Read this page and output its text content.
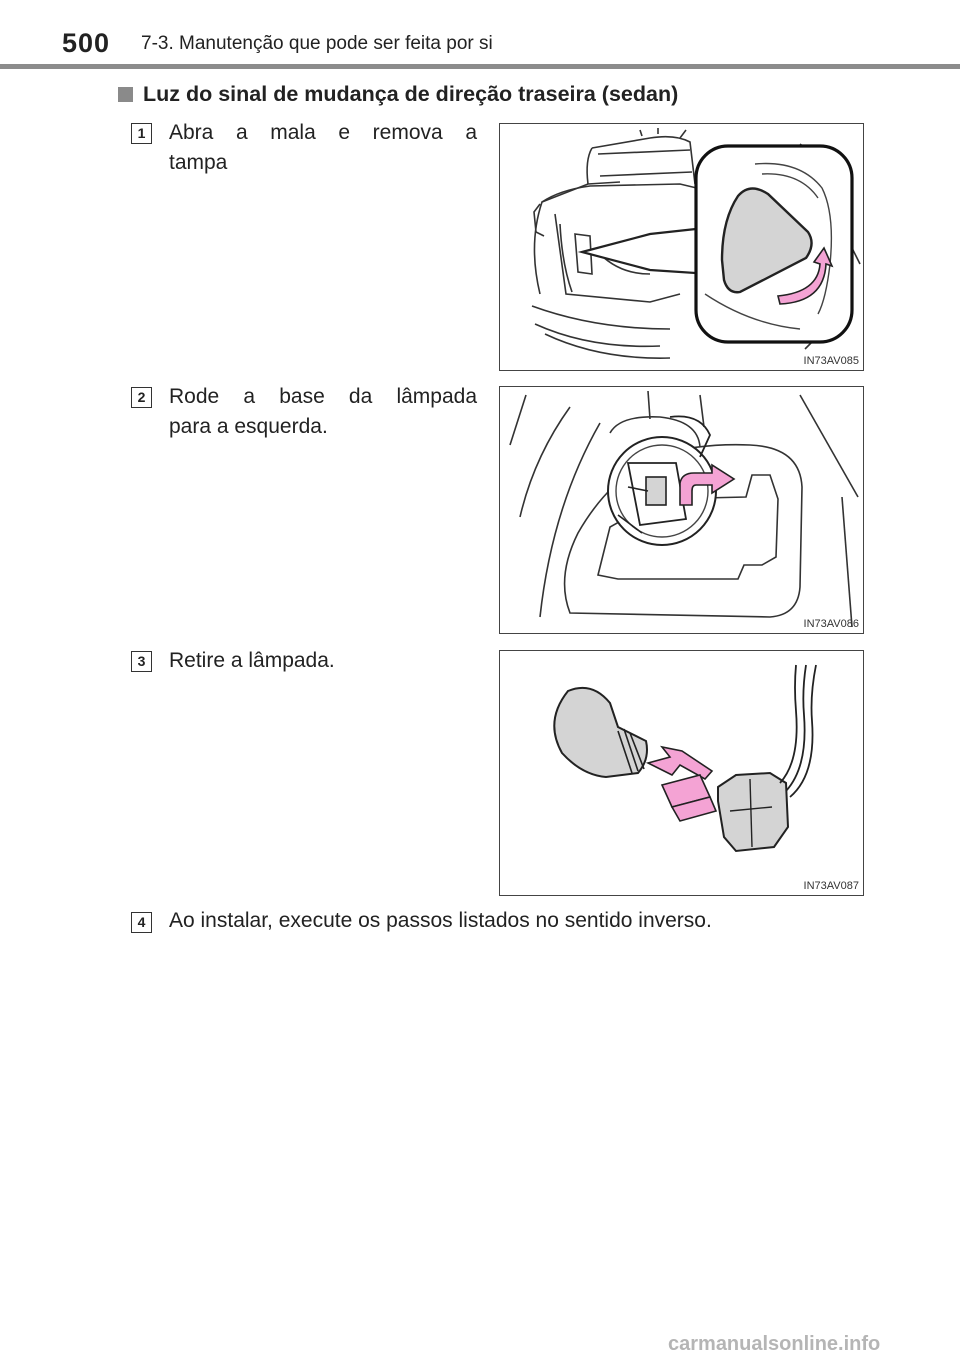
500 7-3. Manutenção que pode ser feita por si
Luz do sinal de mudança de direção traseira (sedan)
1	Abra a mala e remova a
tampa
IN73AV085
2	Rode a base da lâmpada
para a esquerda.
IN73AV086
3	Retire a lâmpada.
IN73AV087
4	Ao instalar, execute os passos listados no sentido inverso.
carmanualsonline.info
